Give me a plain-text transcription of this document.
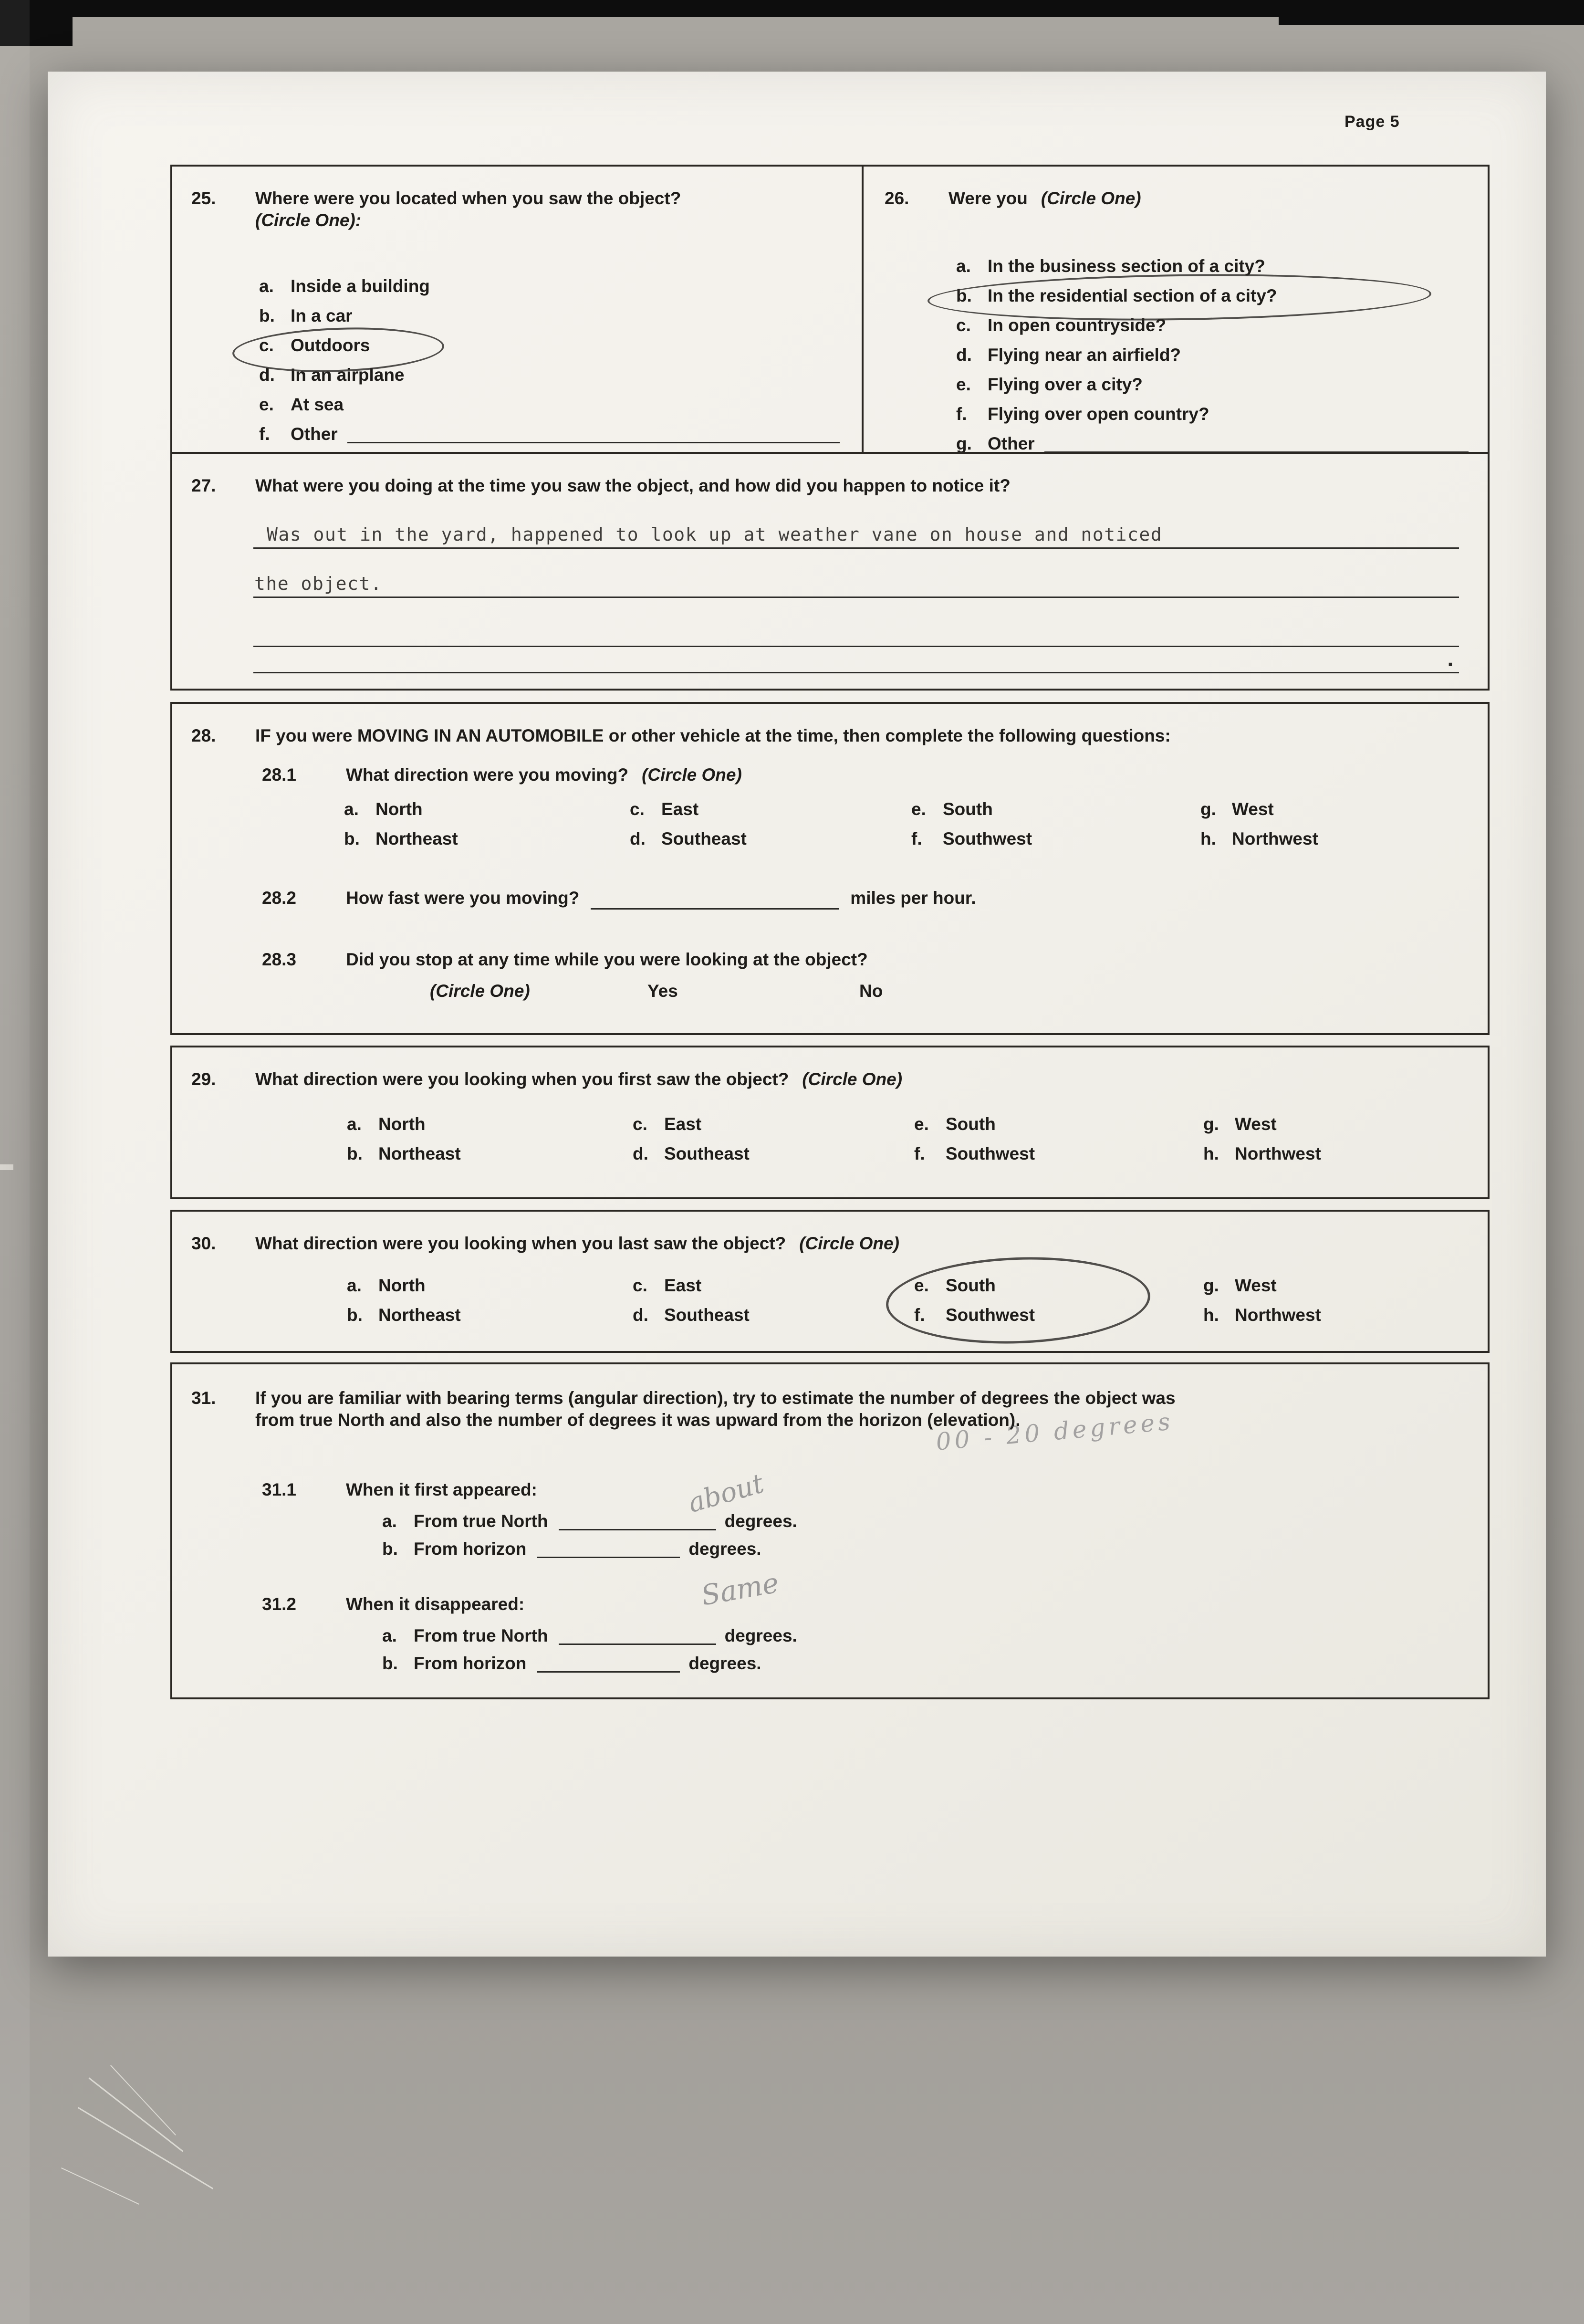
Page 5
25.	Where were you located when you saw the object?
(Circle One):
a. Inside a building
b. In a car
c. Outdoors
d. In an airplane
e. At sea
f.	Other
26.	Were you (Circle One)
a. In the business section of a city?
b. In the residential section of a city?
c. In open countryside?
d. Flying near an airfield?
e. Flying over a city?
f.	Flying over open country?
g. Other
27.	What were you doing at the time you saw the object, and how did you happen to notice it?
Was out in the yard, happened to look up at weather vane on house and noticed
the object.
.
28.	IF you were MOVING IN AN AUTOMOBILE or other vehicle at the time, then complete the following questions:
28.1	What direction were you moving? (Circle One)
a. North
b. Northeast
c. East
d. Southeast
e. South
f.	Southwest
g. West
h. Northwest
28.2	How fast were you moving?	miles per hour.
28.3	Did you stop at any time while you were looking at the object?
(Circle One)	Yes	No
29.	What direction were you looking when you first saw the object? (Circle One)
a. North
b. Northeast
c. East
d. Southeast
e. South
f.	Southwest
g. West
h. Northwest
30.	What direction were you looking when you last saw the object? (Circle One)
a. North
b. Northeast
c. East
d. Southeast
e. South
f.	Southwest
g. West
h. Northwest
31.	If you are familiar with bearing terms (angular direction), try to estimate the number of degrees the object was
from true North and also the number of degrees it was upward from the horizon (elevation).
00 - 20 degrees
about
Same
31.1	When it first appeared:
a. From true North	degrees.
b. From horizon	degrees.
31.2	When it disappeared:
a. From true North	degrees.
b. From horizon	degrees.
